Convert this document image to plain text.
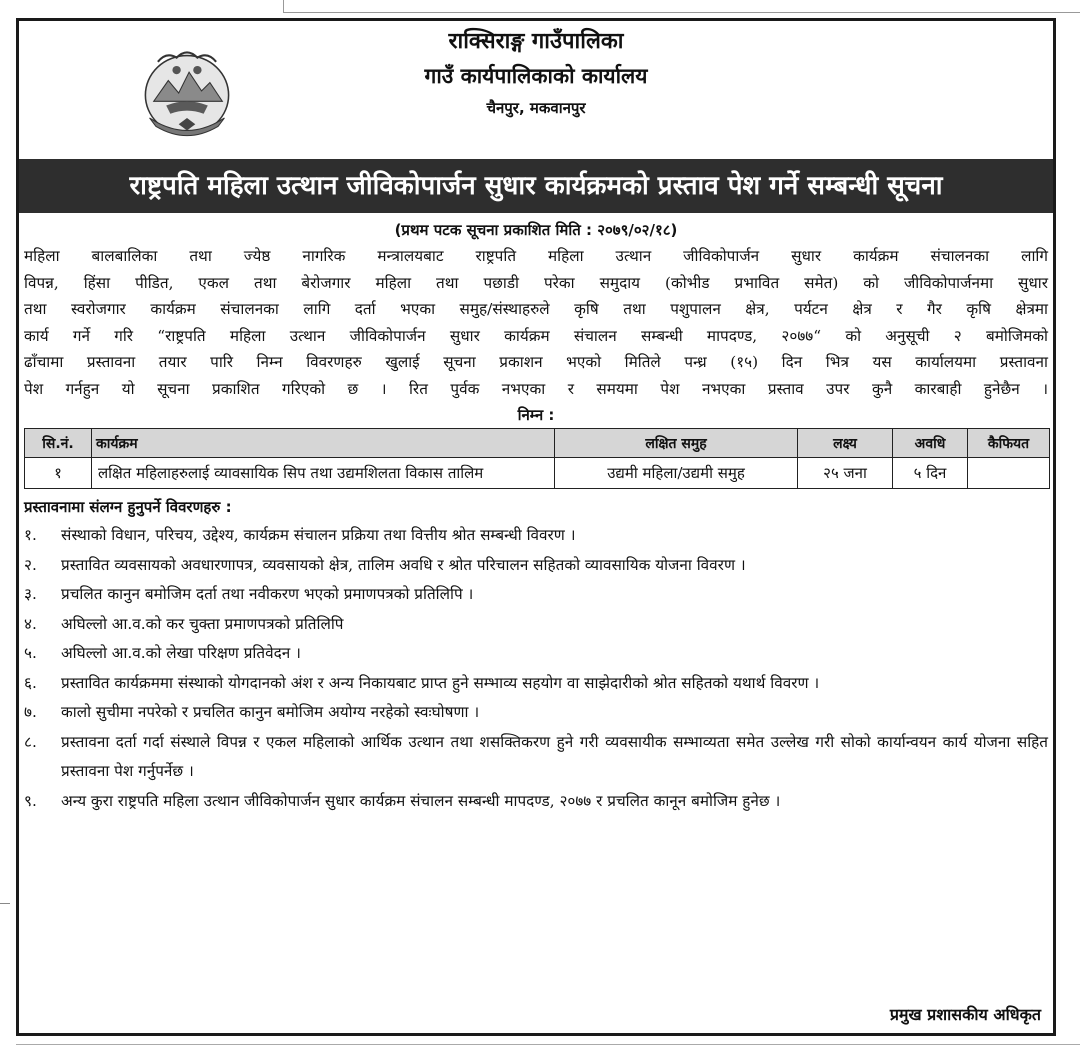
राक्सिराङ्ग गाउँपालिका
गाउँ कार्यपालिकाको कार्यालय
चैनपुर, मकवानपुर
राष्ट्रपति महिला उत्थान जीविकोपार्जन सुधार कार्यक्रमको प्रस्ताव पेश गर्ने सम्बन्धी सूचना
(प्रथम पटक सूचना प्रकाशित मिति : २०७९/०२/१८)
महिला बालबालिका तथा ज्येष्ठ नागरिक मन्त्रालयबाट राष्ट्रपति महिला उत्थान जीविकोपार्जन सुधार कार्यक्रम संचालनका लागि
विपन्न, हिंसा पीडित, एकल तथा बेरोजगार महिला तथा पछाडी परेका समुदाय (कोभीड प्रभावित समेत) को जीविकोपार्जनमा सुधार
तथा स्वरोजगार कार्यक्रम संचालनका लागि दर्ता भएका समुह/संस्थाहरुले कृषि तथा पशुपालन क्षेत्र, पर्यटन क्षेत्र र गैर कृषि क्षेत्रमा
कार्य गर्ने गरि “राष्ट्रपति महिला उत्थान जीविकोपार्जन सुधार कार्यक्रम संचालन सम्बन्धी मापदण्ड, २०७७“ को अनुसूची २ बमोजिमको
ढाँचामा प्रस्तावना तयार पारि निम्न विवरणहरु खुलाई सूचना प्रकाशन भएको मितिले पन्ध्र (१५) दिन भित्र यस कार्यालयमा प्रस्तावना
पेश गर्नहुन यो सूचना प्रकाशित गरिएको छ । रित पुर्वक नभएका र समयमा पेश नभएका प्रस्ताव उपर कुनै कारबाही हुनेछैन ।
निम्न :
सि.नं.	कार्यक्रम	लक्षित समुह	लक्ष्य	अवधि	कैफियत
१	लक्षित महिलाहरुलाई व्यावसायिक सिप तथा उद्यमशिलता विकास तालिम	उद्यमी महिला/उद्यमी समुह	२५ जना	५ दिन	
प्रस्तावनामा संलग्न हुनुपर्ने विवरणहरु :
१.	संस्थाको विधान, परिचय, उद्देश्य, कार्यक्रम संचालन प्रक्रिया तथा वित्तीय श्रोत सम्बन्धी विवरण ।
२.	प्रस्तावित व्यवसायको अवधारणापत्र, व्यवसायको क्षेत्र, तालिम अवधि र श्रोत परिचालन सहितको व्यावसायिक योजना विवरण ।
३.	प्रचलित कानुन बमोजिम दर्ता तथा नवीकरण भएको प्रमाणपत्रको प्रतिलिपि ।
४.	अघिल्लो आ.व.को कर चुक्ता प्रमाणपत्रको प्रतिलिपि
५.	अघिल्लो आ.व.को लेखा परिक्षण प्रतिवेदन ।
६.	प्रस्तावित कार्यक्रममा संस्थाको योगदानको अंश र अन्य निकायबाट प्राप्त हुने सम्भाव्य सहयोग वा साझेदारीको श्रोत सहितको यथार्थ विवरण ।
७.	कालो सुचीमा नपरेको र प्रचलित कानुन बमोजिम अयोग्य नरहेको स्वःघोषणा ।
८.	प्रस्तावना दर्ता गर्दा संस्थाले विपन्न र एकल महिलाको आर्थिक उत्थान तथा शसक्तिकरण हुने गरी व्यवसायीक सम्भाव्यता समेत उल्लेख गरी सोको कार्यान्वयन कार्य योजना सहित प्रस्तावना पेश गर्नुपर्नेछ ।
९.	अन्य कुरा राष्ट्रपति महिला उत्थान जीविकोपार्जन सुधार कार्यक्रम संचालन सम्बन्धी मापदण्ड, २०७७ र प्रचलित कानून बमोजिम हुनेछ ।
प्रमुख प्रशासकीय अधिकृत
